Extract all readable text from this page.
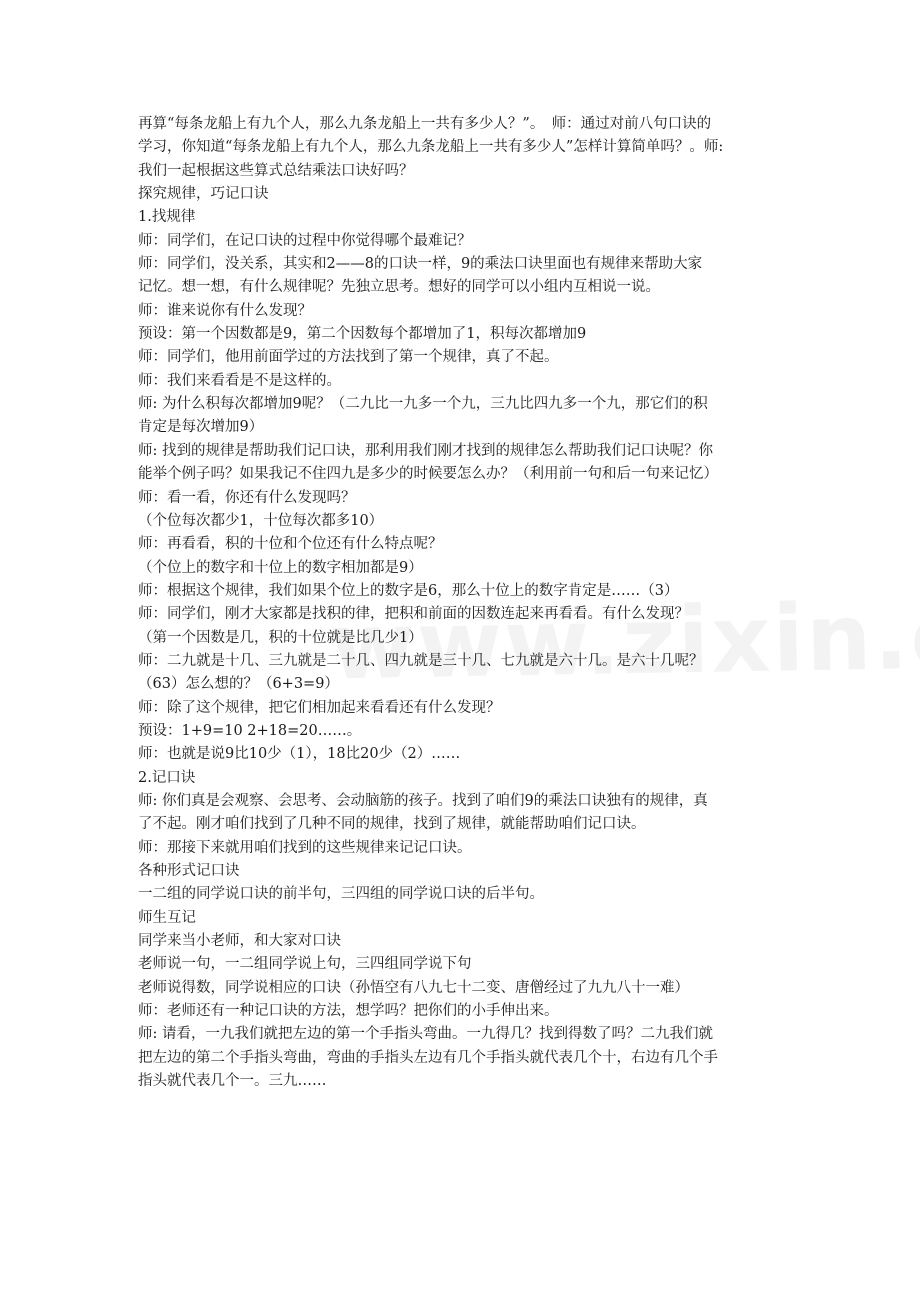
再算“每条龙船上有九个人，那么九条龙船上一共有多少人？”。　师：通过对前八句口诀的
学习，你知道“每条龙船上有九个人，那么九条龙船上一共有多少人”怎样计算简单吗？。师:
我们一起根据这些算式总结乘法口诀好吗？
探究规律，巧记口诀
1.找规律
师：同学们，在记口诀的过程中你觉得哪个最难记？
师：同学们，没关系，其实和2——8的口诀一样，9的乘法口诀里面也有规律来帮助大家
记忆。想一想，有什么规律呢？先独立思考。想好的同学可以小组内互相说一说。
师：谁来说你有什么发现？
预设：第一个因数都是9，第二个因数每个都增加了1，积每次都增加9
师：同学们，他用前面学过的方法找到了第一个规律，真了不起。
师：我们来看看是不是这样的。
师: 为什么积每次都增加9呢？（二九比一九多一个九，三九比四九多一个九，那它们的积
肯定是每次增加9）
师: 找到的规律是帮助我们记口诀，那利用我们刚才找到的规律怎么帮助我们记口诀呢？你
能举个例子吗？如果我记不住四九是多少的时候要怎么办？（利用前一句和后一句来记忆）
师：看一看，你还有什么发现吗？
（个位每次都少1，十位每次都多10）
师：再看看，积的十位和个位还有什么特点呢？
（个位上的数字和十位上的数字相加都是9）
师：根据这个规律，我们如果个位上的数字是6，那么十位上的数字肯定是……（3）
师：同学们，刚才大家都是找积的律，把积和前面的因数连起来再看看。有什么发现？
（第一个因数是几，积的十位就是比几少1）
师：二九就是十几、三九就是二十几、四九就是三十几、七九就是六十几。是六十几呢？
（63）怎么想的？（6+3=9）
师：除了这个规律，把它们相加起来看看还有什么发现？
预设：1+9=10 2+18=20……。
师：也就是说9比10少（1），18比20少（2）……
2.记口诀
师: 你们真是会观察、会思考、会动脑筋的孩子。找到了咱们9的乘法口诀独有的规律，真
了不起。刚才咱们找到了几种不同的规律，找到了规律，就能帮助咱们记口诀。
师：那接下来就用咱们找到的这些规律来记记口诀。
各种形式记口诀
一二组的同学说口诀的前半句，三四组的同学说口诀的后半句。
师生互记
同学来当小老师，和大家对口诀
老师说一句，一二组同学说上句，三四组同学说下句
老师说得数，同学说相应的口诀（孙悟空有八九七十二变、唐僧经过了九九八十一难）
师：老师还有一种记口诀的方法，想学吗？把你们的小手伸出来。
师: 请看，一九我们就把左边的第一个手指头弯曲。一九得几？找到得数了吗？二九我们就
把左边的第二个手指头弯曲，弯曲的手指头左边有几个手指头就代表几个十，右边有几个手
指头就代表几个一。三九……
